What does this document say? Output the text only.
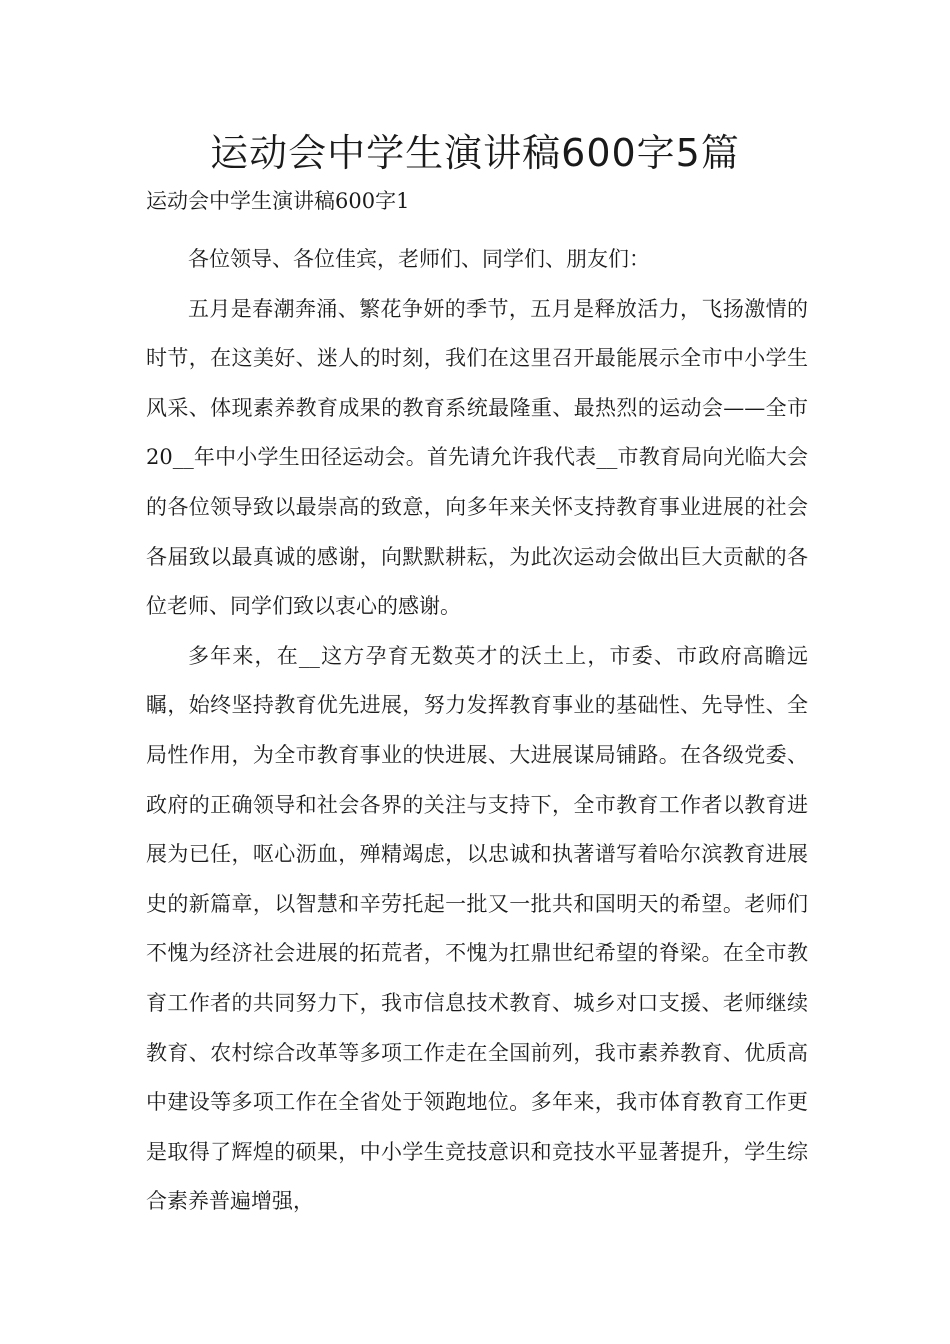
运动会中学生演讲稿600字5篇
运动会中学生演讲稿600字1

各位领导、各位佳宾，老师们、同学们、朋友们：

五月是春潮奔涌、繁花争妍的季节，五月是释放活力，飞扬激情的时节，在这美好、迷人的时刻，我们在这里召开最能展示全市中小学生风采、体现素养教育成果的教育系统最隆重、最热烈的运动会——全市20__年中小学生田径运动会。首先请允许我代表__市教育局向光临大会的各位领导致以最崇高的致意，向多年来关怀支持教育事业进展的社会各届致以最真诚的感谢，向默默耕耘，为此次运动会做出巨大贡献的各位老师、同学们致以衷心的感谢。

多年来，在__这方孕育无数英才的沃土上，市委、市政府高瞻远瞩，始终坚持教育优先进展，努力发挥教育事业的基础性、先导性、全局性作用，为全市教育事业的快进展、大进展谋局铺路。在各级党委、政府的正确领导和社会各界的关注与支持下，全市教育工作者以教育进展为已任，呕心沥血，殚精竭虑，以忠诚和执著谱写着哈尔滨教育进展史的新篇章，以智慧和辛劳托起一批又一批共和国明天的希望。老师们不愧为经济社会进展的拓荒者，不愧为扛鼎世纪希望的脊梁。在全市教育工作者的共同努力下，我市信息技术教育、城乡对口支援、老师继续教育、农村综合改革等多项工作走在全国前列，我市素养教育、优质高中建设等多项工作在全省处于领跑地位。多年来，我市体育教育工作更是取得了辉煌的硕果，中小学生竞技意识和竞技水平显著提升，学生综合素养普遍增强，
